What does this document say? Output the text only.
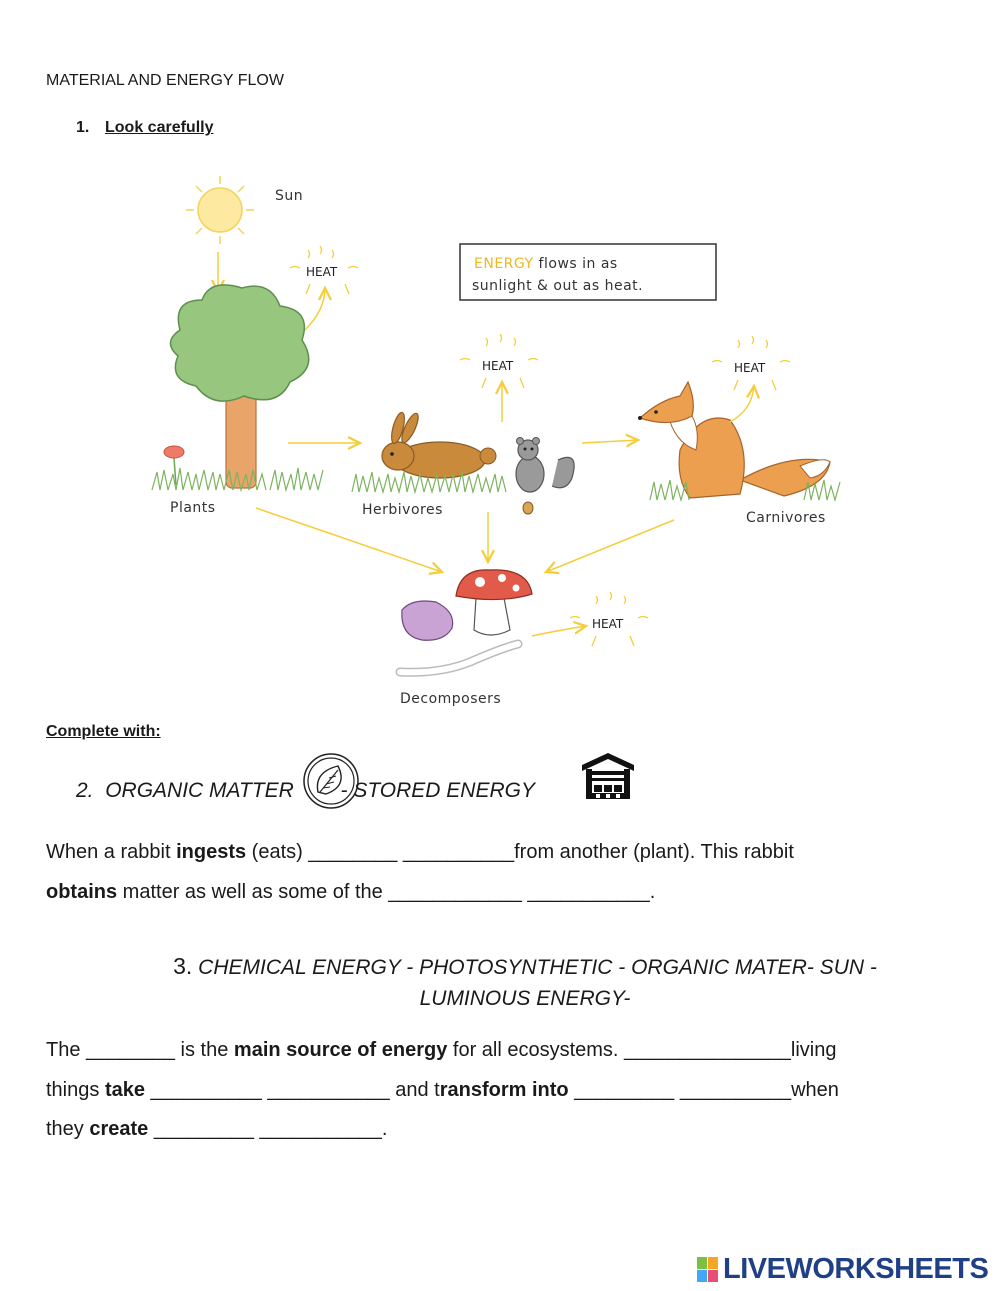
MATERIAL AND ENERGY FLOW
1. Look carefully
Sun
HEAT	ENERGY flows in as
sunlight & out as heat.
Plants	Herbivores
HEAT
Carnivores
HEAT
Decomposers
HEAT
Complete with:
2. ORGANIC MATTER        - STORED ENERGY
When a rabbit ingests (eats) ________ __________from another (plant). This rabbit
obtains matter as well as some of the ____________ ___________.
3. CHEMICAL ENERGY - PHOTOSYNTHETIC - ORGANIC MATER- SUN -
LUMINOUS ENERGY-
The ________ is the main source of energy for all ecosystems. _______________living
things take __________ ___________ and transform into _________ __________when
they create _________ ___________.
LIVEWORKSHEETS
